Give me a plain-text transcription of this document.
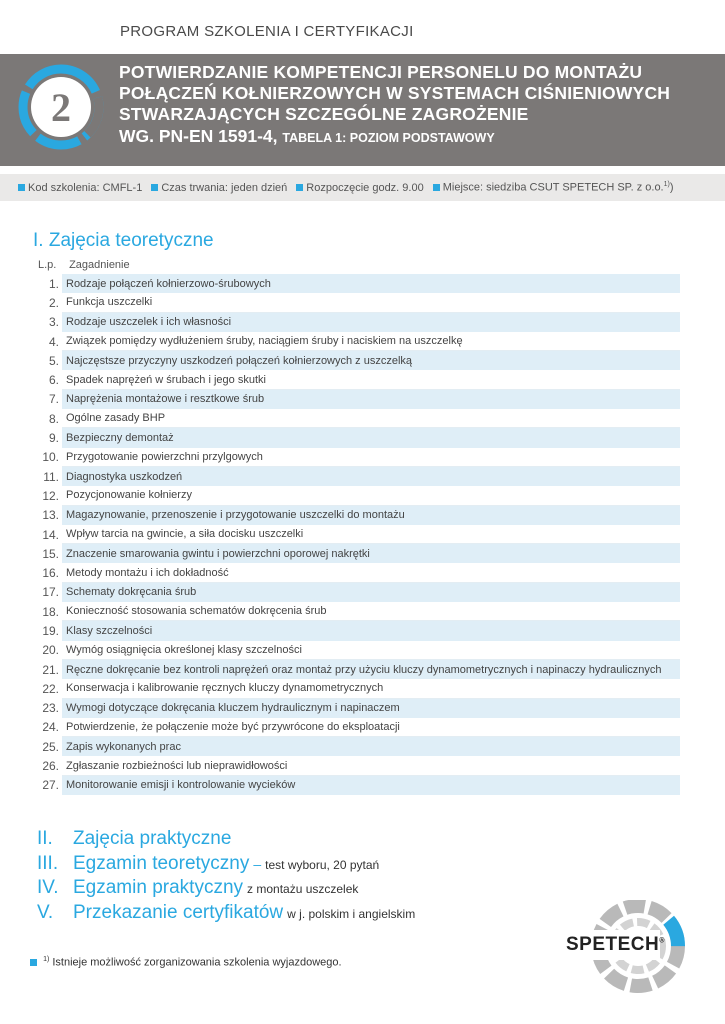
PROGRAM SZKOLENIA I CERTYFIKACJI
2
POTWIERDZANIE KOMPETENCJI PERSONELU DO MONTAŻU
POŁĄCZEŃ KOŁNIERZOWYCH W SYSTEMACH CIŚNIENIOWYCH
STWARZAJĄCYCH SZCZEGÓLNE ZAGROŻENIE
WG. PN-EN 1591-4, TABELA 1: POZIOM PODSTAWOWY
Kod szkolenia: CMFL-1	Czas trwania: jeden dzień	Rozpoczęcie godz. 9.00	Miejsce: siedziba CSUT SPETECH SP. z o.o.$^{1)}$)
I. Zajęcia teoretyczne
L.p. Zagadnienie
1. Rodzaje połączeń kołnierzowo-śrubowych
2. Funkcja uszczelki
3. Rodzaje uszczelek i ich własności
4. Związek pomiędzy wydłużeniem śruby, naciągiem śruby i naciskiem na uszczelkę
5. Najczęstsze przyczyny uszkodzeń połączeń kołnierzowych z uszczelką
6. Spadek naprężeń w śrubach i jego skutki
7. Naprężenia montażowe i resztkowe śrub
8. Ogólne zasady BHP
9. Bezpieczny demontaż
10. Przygotowanie powierzchni przylgowych
11. Diagnostyka uszkodzeń
12. Pozycjonowanie kołnierzy
13. Magazynowanie, przenoszenie i przygotowanie uszczelki do montażu
14. Wpływ tarcia na gwincie, a siła docisku uszczelki
15. Znaczenie smarowania gwintu i powierzchni oporowej nakrętki
16. Metody montażu i ich dokładność
17. Schematy dokręcania śrub
18. Konieczność stosowania schematów dokręcenia śrub
19. Klasy szczelności
20. Wymóg osiągnięcia określonej klasy szczelności
21. Ręczne dokręcanie bez kontroli naprężeń oraz montaż przy użyciu kluczy dynamometrycznych i napinaczy hydraulicznych
22. Konserwacja i kalibrowanie ręcznych kluczy dynamometrycznych
23. Wymogi dotyczące dokręcania kluczem hydraulicznym i napinaczem
24. Potwierdzenie, że połączenie może być przywrócone do eksploatacji
25. Zapis wykonanych prac
26. Zgłaszanie rozbieżności lub nieprawidłowości
27. Monitorowanie emisji i kontrolowanie wycieków
II.	Zajęcia praktyczne
III. Egzamin teoretyczny – test wyboru, 20 pytań
IV. Egzamin praktyczny z montażu uszczelek
V.	Przekazanie certyfikatów w j. polskim i angielskim
SPETECH®
$^{1)}$ Istnieje możliwość zorganizowania szkolenia wyjazdowego.
